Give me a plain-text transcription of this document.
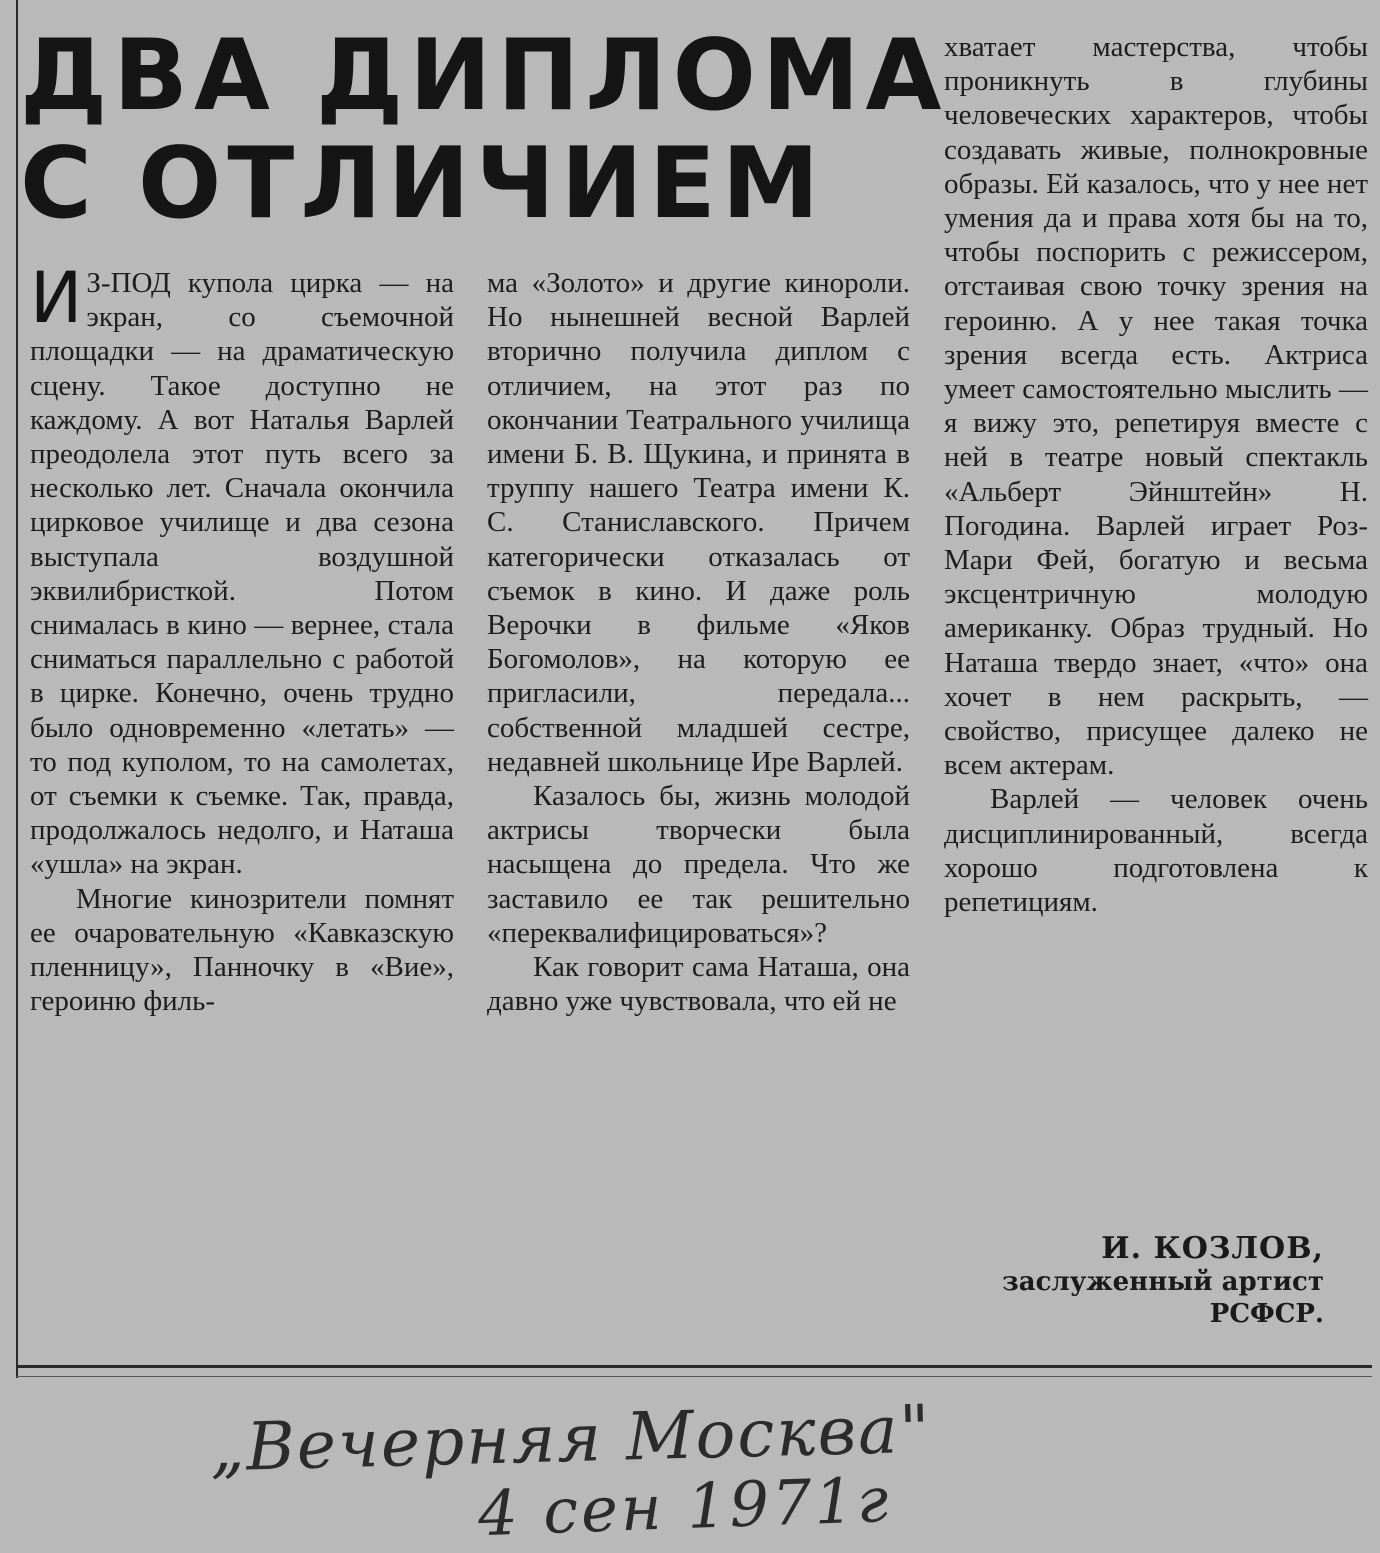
ДВА ДИПЛОМА
С ОТЛИЧИЕМ

И З-ПОД купола цирка — на экран, со съемочной площадки — на драматическую сцену. Такое доступно не каждому. А вот Наталья Варлей преодолела этот путь всего за несколько лет. Сначала окончила цирковое училище и два сезона выступала воздушной эквилибристкой. Потом снималась в кино — вернее, стала сниматься параллельно с работой в цирке. Конечно, очень трудно было одновременно «летать» — то под куполом, то на самолетах, от съемки к съемке. Так, правда, продолжалось недолго, и Наташа «ушла» на экран.

Многие кинозрители помнят ее очаровательную «Кавказскую пленницу», Панночку в «Вие», героиню филь-

ма «Золото» и другие кинороли. Но нынешней весной Варлей вторично получила диплом с отличием, на этот раз по окончании Театрального училища имени Б. В. Щукина, и принята в труппу нашего Театра имени К. С. Станиславского. Причем категорически отказалась от съемок в кино. И даже роль Верочки в фильме «Яков Богомолов», на которую ее пригласили, передала... собственной младшей сестре, недавней школьнице Ире Варлей.

Казалось бы, жизнь молодой актрисы творчески была насыщена до предела. Что же заставило ее так решительно «переквалифицироваться»?

Как говорит сама Наташа, она давно уже чувствовала, что ей не

хватает мастерства, чтобы проникнуть в глубины человеческих характеров, чтобы создавать живые, полнокровные образы. Ей казалось, что у нее нет умения да и права хотя бы на то, чтобы поспорить с режиссером, отстаивая свою точку зрения на героиню. А у нее такая точка зрения всегда есть. Актриса умеет самостоятельно мыслить — я вижу это, репетируя вместе с ней в театре новый спектакль «Альберт Эйнштейн» Н. Погодина. Варлей играет Роз-Мари Фей, богатую и весьма эксцентричную молодую американку. Образ трудный. Но Наташа твердо знает, «что» она хочет в нем раскрыть, — свойство, присущее далеко не всем актерам.

Варлей — человек очень дисциплинированный, всегда хорошо подготовлена к репетициям.

И. КОЗЛОВ,
заслуженный артист
РСФСР.
„Вечерняя Москва"
4 сен 1971г
